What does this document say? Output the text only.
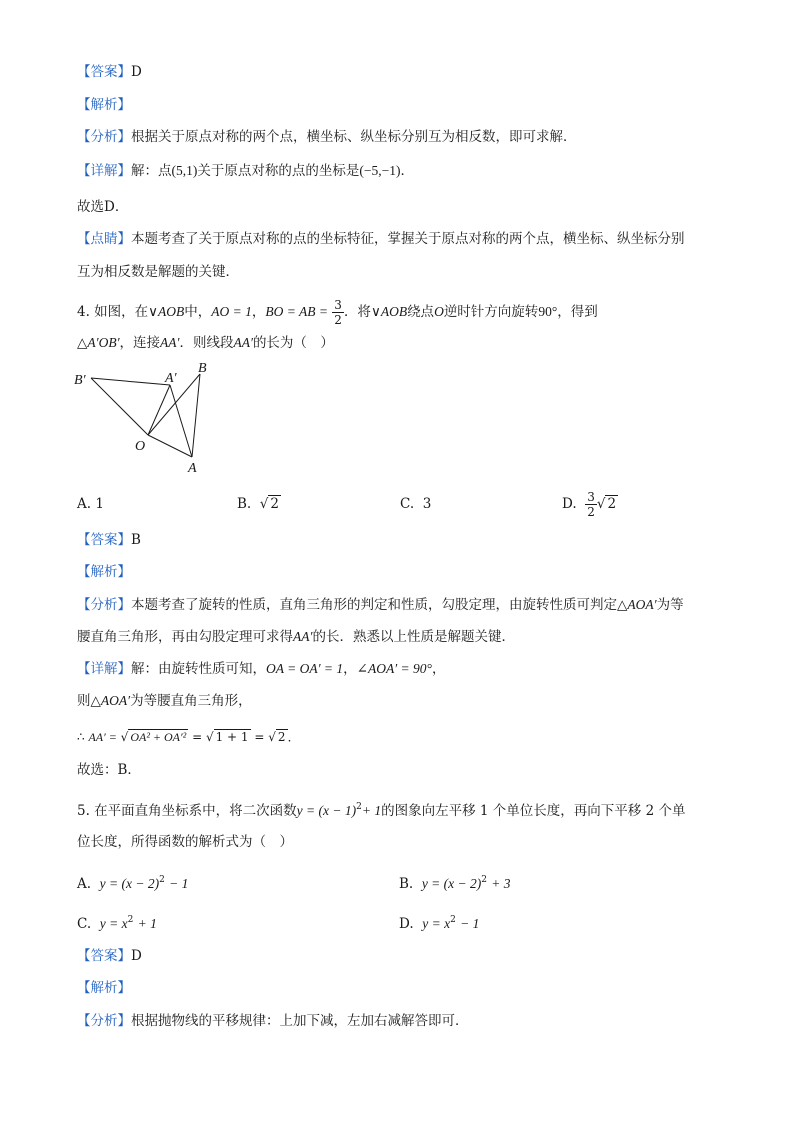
【答案】D
【解析】
【分析】根据关于原点对称的两个点，横坐标、纵坐标分别互为相反数，即可求解．
【详解】解：点(5,1)关于原点对称的点的坐标是(−5,−1)．
故选D．
【点睛】本题考查了关于原点对称的点的坐标特征，掌握关于原点对称的两个点，横坐标、纵坐标分别
互为相反数是解题的关键．
4. 如图，在∨AOB中，AO = 1，BO = AB = $\frac{3}{2}$ ．将∨AOB绕点O逆时针方向旋转90°，得到
△A′OB′，连接AA′．则线段AA′的长为（　）
B′	A′
B
O
A
A. 1	B.  √ 2	C. 3	D. $\frac{3}{2}$ √ 2
【答案】B
【解析】
【分析】本题考查了旋转的性质，直角三角形的判定和性质，勾股定理，由旋转性质可判定△AOA′为等
腰直角三角形，再由勾股定理可求得AA′的长．熟悉以上性质是解题关键．
【详解】解：由旋转性质可知，OA = OA′ = 1，∠AOA′ = 90°，
则△AOA′为等腰直角三角形，
∴ AA′ = √ OA² + OA′² = √ 1 + 1 = √ 2 ．
故选：B．
5. 在平面直角坐标系中，将二次函数$y = (x - 1)^2+ 1$的图象向左平移 1 个单位长度，再向下平移 2 个单
位长度，所得函数的解析式为（　）
A. $y = (x - 2)^2 - 1$	B. $y = (x - 2)^2 + 3$
C. $y = x^2 + 1$	D. $y = x^2 - 1$
【答案】D
【解析】
【分析】根据抛物线的平移规律：上加下减，左加右减解答即可．
